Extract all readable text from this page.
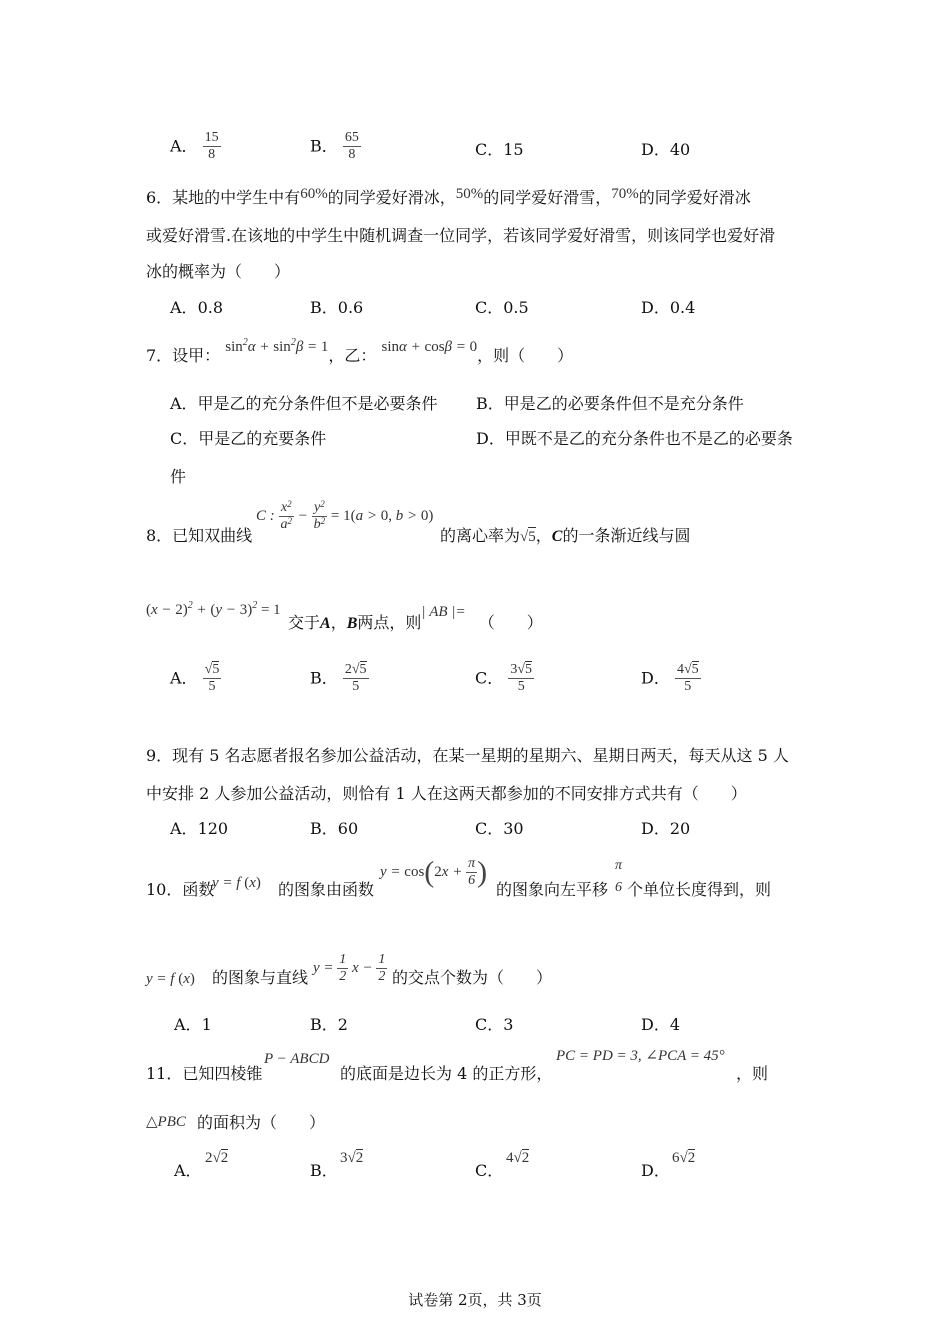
A． $\frac{15}{8}$	B． $\frac{65}{8}$	C．15	D．40
6．某地的中学生中有60%的同学爱好滑冰，50%的同学爱好滑雪，70%的同学爱好滑冰
或爱好滑雪.在该地的中学生中随机调查一位同学，若该同学爱好滑雪，则该同学也爱好滑
冰的概率为（　　）
A．0.8	B．0.6	C．0.5	D．0.4
7．设甲： $\sin^2\alpha + \sin^2\beta = 1$，乙： sinα + cosβ = 0，则（　　）
A．甲是乙的充分条件但不是必要条件 B．甲是乙的必要条件但不是充分条件
C．甲是乙的充要条件	D．甲既不是乙的充分条件也不是乙的必要条
件
8．已知双曲线
C : $\frac{x^2}{a^2} - \frac{y^2}{b^2} = 1(a > 0$, b > 0)
的离心率为√5，C的一条渐近线与圆
$(x - 2)^2 + (y - 3)^2 = 1$
交于A，B两点，则| AB |= （　　）
A． $\frac{√5}{5}$	B． $\frac{2√5}{5}$	C． $\frac{3√5}{5}$	D． $\frac{4√5}{5}$
9．现有 5 名志愿者报名参加公益活动，在某一星期的星期六、星期日两天，每天从这 5 人
中安排 2 人参加公益活动，则恰有 1 人在这两天都参加的不同安排方式共有（　　）
A．120	B．60	C．30	D．20
10．函数
y = f (x) 的图象由函数
$y = \cos(2x + \frac{\pi}{6}$ )
的图象向左平移
π
6 个单位长度得到，则
y = f (x) 的图象与直线 $y = \frac{1}{2}$ $x - \frac{1}{2}$ 的交点个数为（　　）
A．1	B．2	C．3	D．4
11．已知四棱锥
P − ABCD
的底面是边长为 4 的正方形，
PC = PD = 3, ∠PCA = 45°
，则
△PBC 的面积为（　　）
A．
2√2
B．
3√2
C．
4√2
D．
6√2
试卷第 2页，共 3页
